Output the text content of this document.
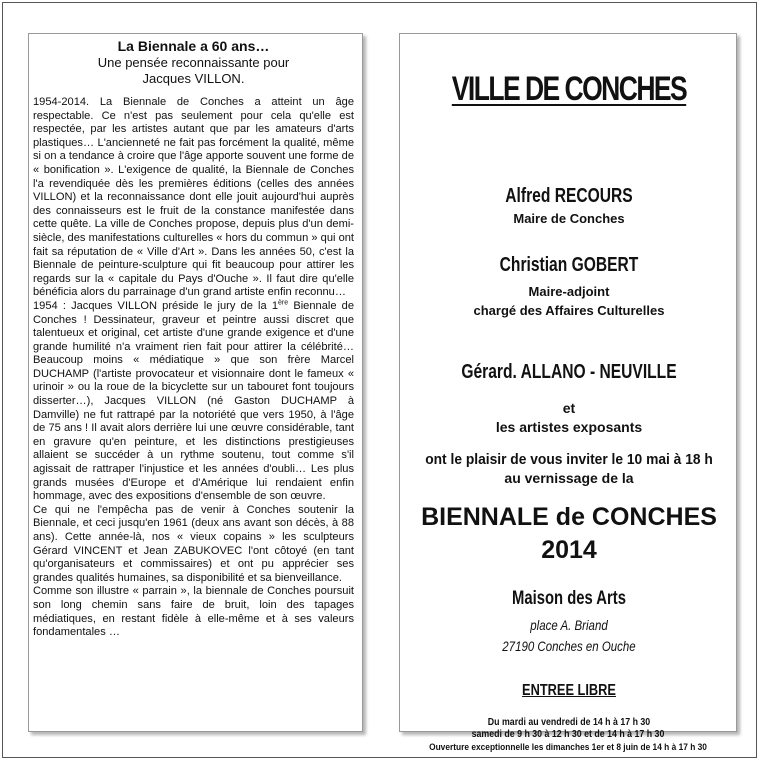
La Biennale a 60 ans…
Une pensée reconnaissante pour
Jacques VILLON.

1954-2014. La Biennale de Conches a atteint un âge respectable. Ce n'est pas seulement pour cela qu'elle est respectée, par les artistes autant que par les amateurs d'arts plastiques… L'ancienneté ne fait pas forcément la qualité, même si on a tendance à croire que l'âge apporte souvent une forme de « bonification ». L'exigence de qualité, la Biennale de Conches l'a revendiquée dès les premières éditions (celles des années VILLON) et la reconnaissance dont elle jouit aujourd'hui auprès des connaisseurs est le fruit de la constance manifestée dans cette quête. La ville de Conches propose, depuis plus d'un demi-siècle, des manifestations culturelles « hors du commun » qui ont fait sa réputation de « Ville d'Art ». Dans les années 50, c'est la Biennale de peinture-sculpture qui fit beaucoup pour attirer les regards sur la « capitale du Pays d'Ouche ». Il faut dire qu'elle bénéficia alors du parrainage d'un grand artiste enfin reconnu…

1954 : Jacques VILLON préside le jury de la 1ère Biennale de Conches ! Dessinateur, graveur et peintre aussi discret que talentueux et original, cet artiste d'une grande exigence et d'une grande humilité n'a vraiment rien fait pour attirer la célébrité… Beaucoup moins « médiatique » que son frère Marcel DUCHAMP (l'artiste provocateur et visionnaire dont le fameux « urinoir » ou la roue de la bicyclette sur un tabouret font toujours disserter…), Jacques VILLON (né Gaston DUCHAMP à Damville) ne fut rattrapé par la notoriété que vers 1950, à l'âge de 75 ans ! Il avait alors derrière lui une œuvre considérable, tant en gravure qu'en peinture, et les distinctions prestigieuses allaient se succéder à un rythme soutenu, tout comme s'il agissait de rattraper l'injustice et les années d'oubli… Les plus grands musées d'Europe et d'Amérique lui rendaient enfin hommage, avec des expositions d'ensemble de son œuvre.

Ce qui ne l'empêcha pas de venir à Conches soutenir la Biennale, et ceci jusqu'en 1961 (deux ans avant son décès, à 88 ans). Cette année-là, nos « vieux copains » les sculpteurs Gérard VINCENT et Jean ZABUKOVEC l'ont côtoyé (en tant qu'organisateurs et commissaires) et ont pu apprécier ses grandes qualités humaines, sa disponibilité et sa bienveillance.

Comme son illustre « parrain », la biennale de Conches poursuit son long chemin sans faire de bruit, loin des tapages médiatiques, en restant fidèle à elle-même et à ses valeurs fondamentales …

VILLE DE CONCHES
Alfred RECOURS
Maire de Conches
Christian GOBERT
Maire-adjoint
chargé des Affaires Culturelles
Gérard. ALLANO - NEUVILLE
et
les artistes exposants
ont le plaisir de vous inviter le 10 mai à 18 h
au vernissage de la
BIENNALE de CONCHES
2014
Maison des Arts
place A. Briand
27190 Conches en Ouche
ENTREE LIBRE
Du mardi au vendredi de 14 h à 17 h 30
samedi de 9 h 30 à 12 h 30 et de 14 h à 17 h 30
Ouverture exceptionnelle les dimanches 1er et 8 juin de 14 h à 17 h 30
